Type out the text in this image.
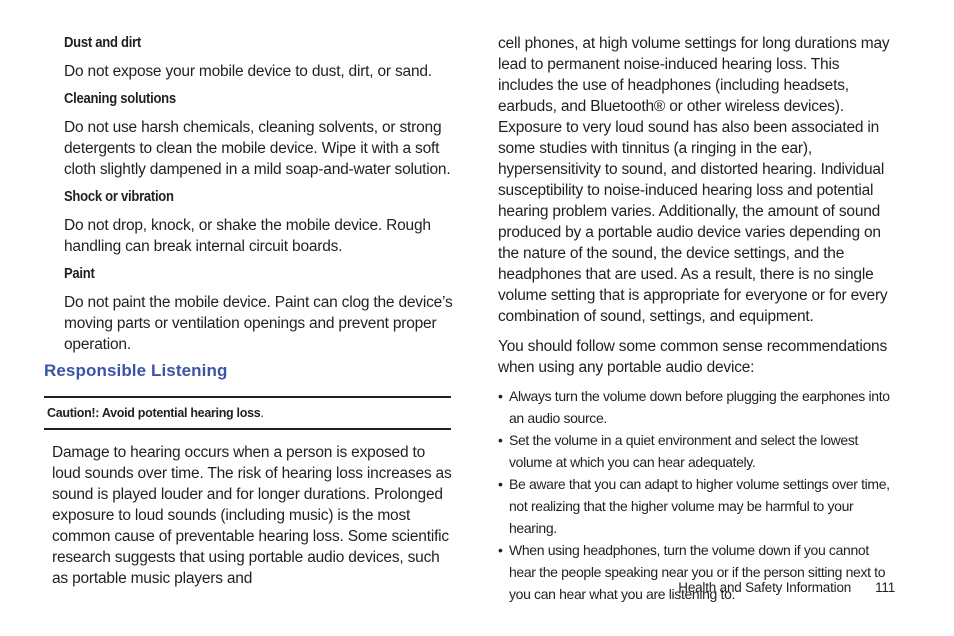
Dust and dirt

Do not expose your mobile device to dust, dirt, or sand.

Cleaning solutions

Do not use harsh chemicals, cleaning solvents, or strong detergents to clean the mobile device. Wipe it with a soft cloth slightly dampened in a mild soap-and-water solution.

Shock or vibration

Do not drop, knock, or shake the mobile device. Rough handling can break internal circuit boards.

Paint

Do not paint the mobile device. Paint can clog the device’s moving parts or ventilation openings and prevent proper operation.

Responsible Listening
Caution!: Avoid potential hearing loss.

Damage to hearing occurs when a person is exposed to loud sounds over time. The risk of hearing loss increases as sound is played louder and for longer durations. Prolonged exposure to loud sounds (including music) is the most common cause of preventable hearing loss. Some scientific research suggests that using portable audio devices, such as portable music players and

cell phones, at high volume settings for long durations may lead to permanent noise-induced hearing loss. This includes the use of headphones (including headsets, earbuds, and Bluetooth® or other wireless devices). Exposure to very loud sound has also been associated in some studies with tinnitus (a ringing in the ear), hypersensitivity to sound, and distorted hearing. Individual susceptibility to noise-induced hearing loss and potential hearing problem varies. Additionally, the amount of sound produced by a portable audio device varies depending on the nature of the sound, the device settings, and the headphones that are used. As a result, there is no single volume setting that is appropriate for everyone or for every combination of sound, settings, and equipment.

You should follow some common sense recommendations when using any portable audio device:

• Always turn the volume down before plugging the earphones into an audio source.
• Set the volume in a quiet environment and select the lowest volume at which you can hear adequately.
• Be aware that you can adapt to higher volume settings over time, not realizing that the higher volume may be harmful to your hearing.
• When using headphones, turn the volume down if you cannot hear the people speaking near you or if the person sitting next to you can hear what you are listening to.
Health and Safety Information 111
